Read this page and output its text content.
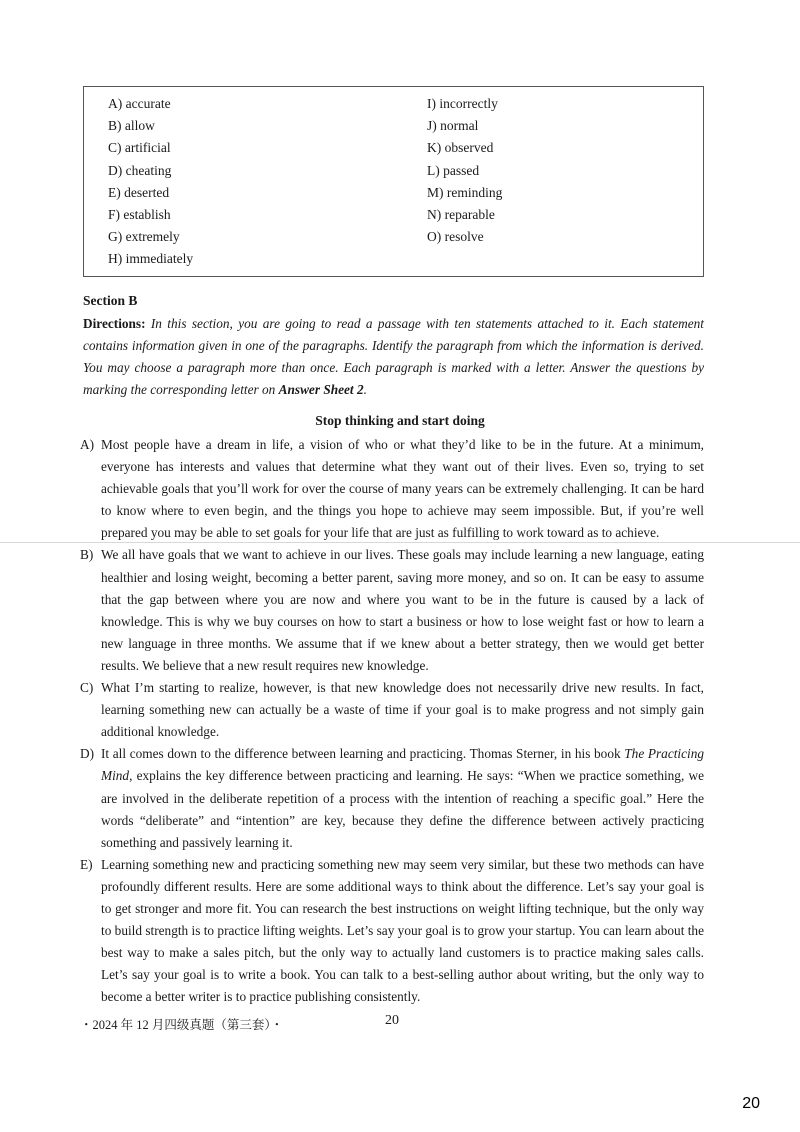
A) accurate
B) allow
C) artificial
D) cheating
E) deserted
F) establish
G) extremely
H) immediately
I) incorrectly
J) normal
K) observed
L) passed
M) reminding
N) reparable
O) resolve
Section B
Directions: In this section, you are going to read a passage with ten statements attached to it. Each statement contains information given in one of the paragraphs. Identify the paragraph from which the information is derived. You may choose a paragraph more than once. Each paragraph is marked with a letter. Answer the questions by marking the corresponding letter on Answer Sheet 2.
Stop thinking and start doing
A) Most people have a dream in life, a vision of who or what they’d like to be in the future. At a minimum, everyone has interests and values that determine what they want out of their lives. Even so, trying to set achievable goals that you’ll work for over the course of many years can be extremely challenging. It can be hard to know where to even begin, and the things you hope to achieve may seem impossible. But, if you’re well prepared you may be able to set goals for your life that are just as fulfilling to work toward as to achieve.
B) We all have goals that we want to achieve in our lives. These goals may include learning a new language, eating healthier and losing weight, becoming a better parent, saving more money, and so on. It can be easy to assume that the gap between where you are now and where you want to be in the future is caused by a lack of knowledge. This is why we buy courses on how to start a business or how to lose weight fast or how to learn a new language in three months. We assume that if we knew about a better strategy, then we would get better results. We believe that a new result requires new knowledge.
C) What I’m starting to realize, however, is that new knowledge does not necessarily drive new results. In fact, learning something new can actually be a waste of time if your goal is to make progress and not simply gain additional knowledge.
D) It all comes down to the difference between learning and practicing. Thomas Sterner, in his book The Practicing Mind, explains the key difference between practicing and learning. He says: “When we practice something, we are involved in the deliberate repetition of a process with the intention of reaching a specific goal.” Here the words “deliberate” and “intention” are key, because they define the difference between actively practicing something and passively learning it.
E) Learning something new and practicing something new may seem very similar, but these two methods can have profoundly different results. Here are some additional ways to think about the difference. Let’s say your goal is to get stronger and more fit. You can research the best instructions on weight lifting technique, but the only way to build strength is to practice lifting weights. Let’s say your goal is to grow your startup. You can learn about the best way to make a sales pitch, but the only way to actually land customers is to practice making sales calls. Let’s say your goal is to write a book. You can talk to a best-selling author about writing, but the only way to become a better writer is to practice publishing consistently.
・2024 年 12 月四级真题（第三套）・	20
20
